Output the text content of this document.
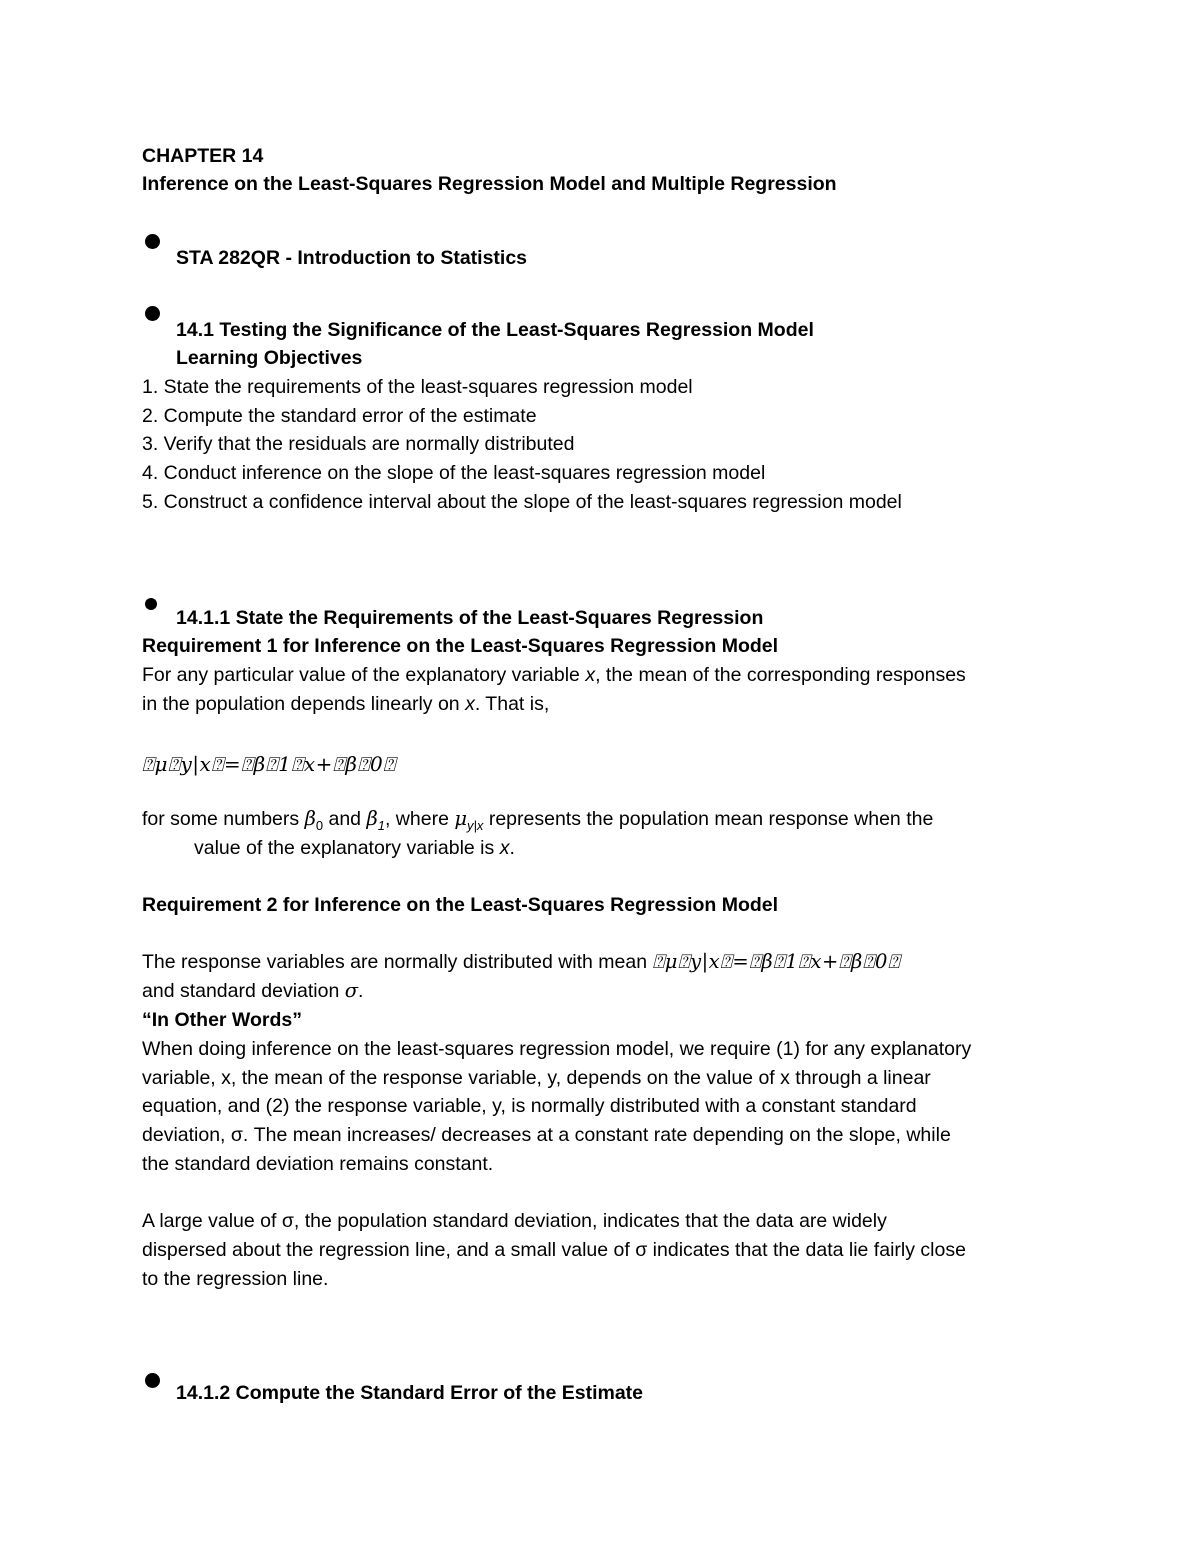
CHAPTER 14
Inference on the Least-Squares Regression Model and Multiple Regression
STA 282QR - Introduction to Statistics
14.1 Testing the Significance of the Least-Squares Regression Model
Learning Objectives
1. State the requirements of the least-squares regression model
2. Compute the standard error of the estimate
3. Verify that the residuals are normally distributed
4. Conduct inference on the slope of the least-squares regression model
5. Construct a confidence interval about the slope of the least-squares regression model
14.1.1 State the Requirements of the Least-Squares Regression
Requirement 1 for Inference on the Least-Squares Regression Model
For any particular value of the explanatory variable x, the mean of the corresponding responses
in the population depends linearly on x. That is,
⍰μ⍰y|x⍰=⍰β⍰1⍰x+⍰β⍰0⍰
for some numbers $\beta_0$ and $\beta_1$, where $\mu_{y|x}$ represents the population mean response when the
value of the explanatory variable is x.
Requirement 2 for Inference on the Least-Squares Regression Model
The response variables are normally distributed with mean ⍰μ⍰y|x⍰=⍰β⍰1⍰x+⍰β⍰0⍰
and standard deviation σ.
“In Other Words”
When doing inference on the least-squares regression model, we require (1) for any explanatory
variable, x, the mean of the response variable, y, depends on the value of x through a linear
equation, and (2) the response variable, y, is normally distributed with a constant standard
deviation, σ. The mean increases/ decreases at a constant rate depending on the slope, while
the standard deviation remains constant.
A large value of σ, the population standard deviation, indicates that the data are widely
dispersed about the regression line, and a small value of σ indicates that the data lie fairly close
to the regression line.
14.1.2 Compute the Standard Error of the Estimate
